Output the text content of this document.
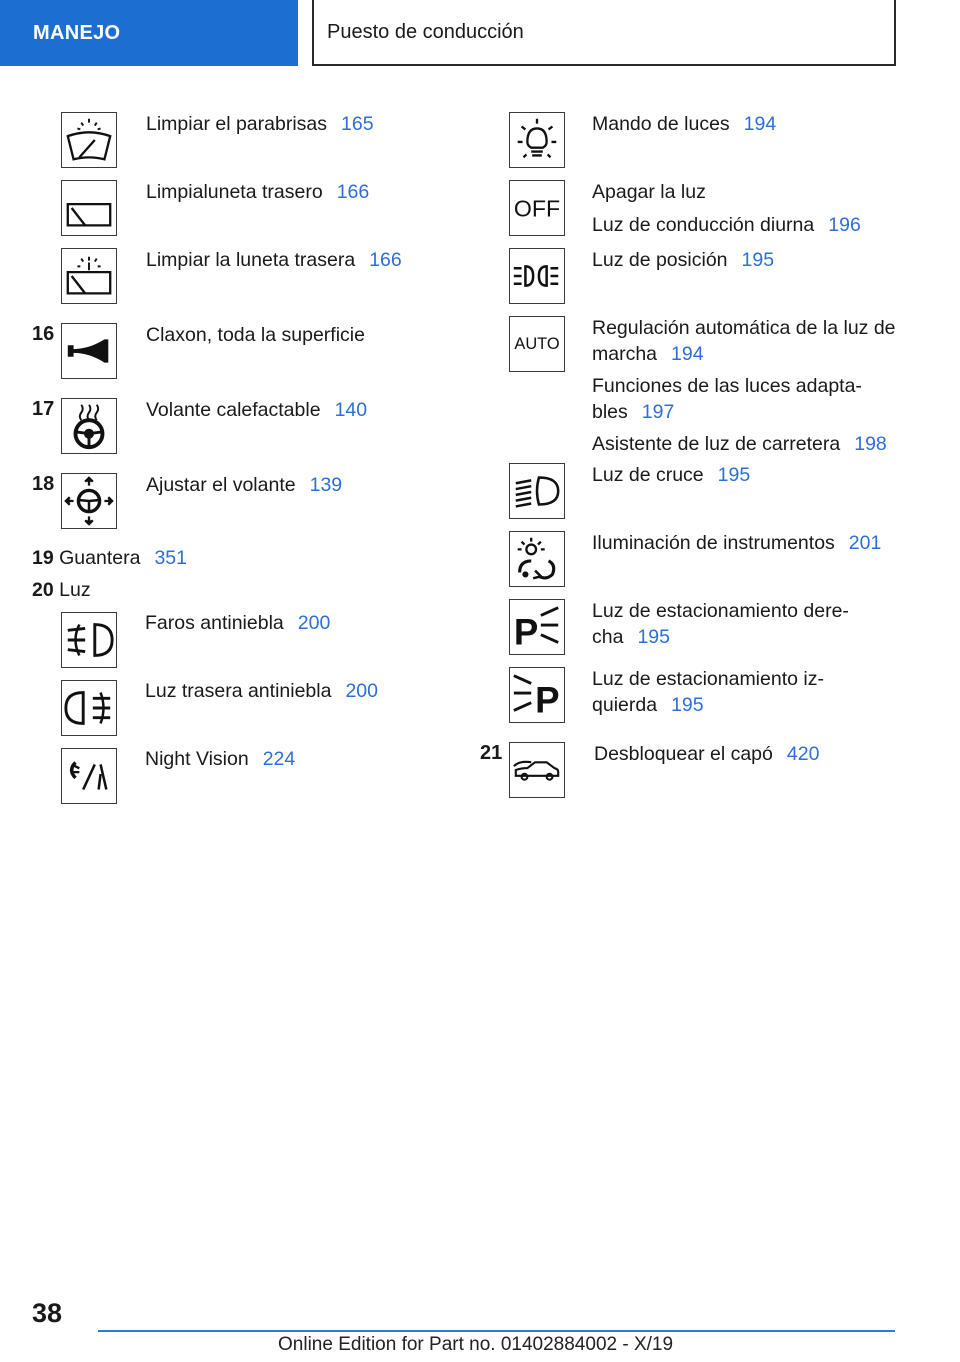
MANEJO	Puesto de conducción
Limpiar el parabrisas 165
Limpialuneta trasero 166
Limpiar la luneta trasera 166
16	Claxon, toda la superficie
17	Volante calefactable 140
18	Ajustar el volante 139
19 Guantera 351
20 Luz
Faros antiniebla 200
Luz trasera antiniebla 200
Night Vision 224
Mando de luces 194
OFF
Apagar la luz
Luz de conducción diurna 196
Luz de posición 195
AUTO
Regulación automática de la luz de
marcha 194
Funciones de las luces adapta-
bles 197
Asistente de luz de carretera 198
Luz de cruce 195
Iluminación de instrumentos 201
P
Luz de estacionamiento dere-
cha 195
P
Luz de estacionamiento iz-
quierda 195
21	Desbloquear el capó 420
38
Online Edition for Part no. 01402884002 - X/19
